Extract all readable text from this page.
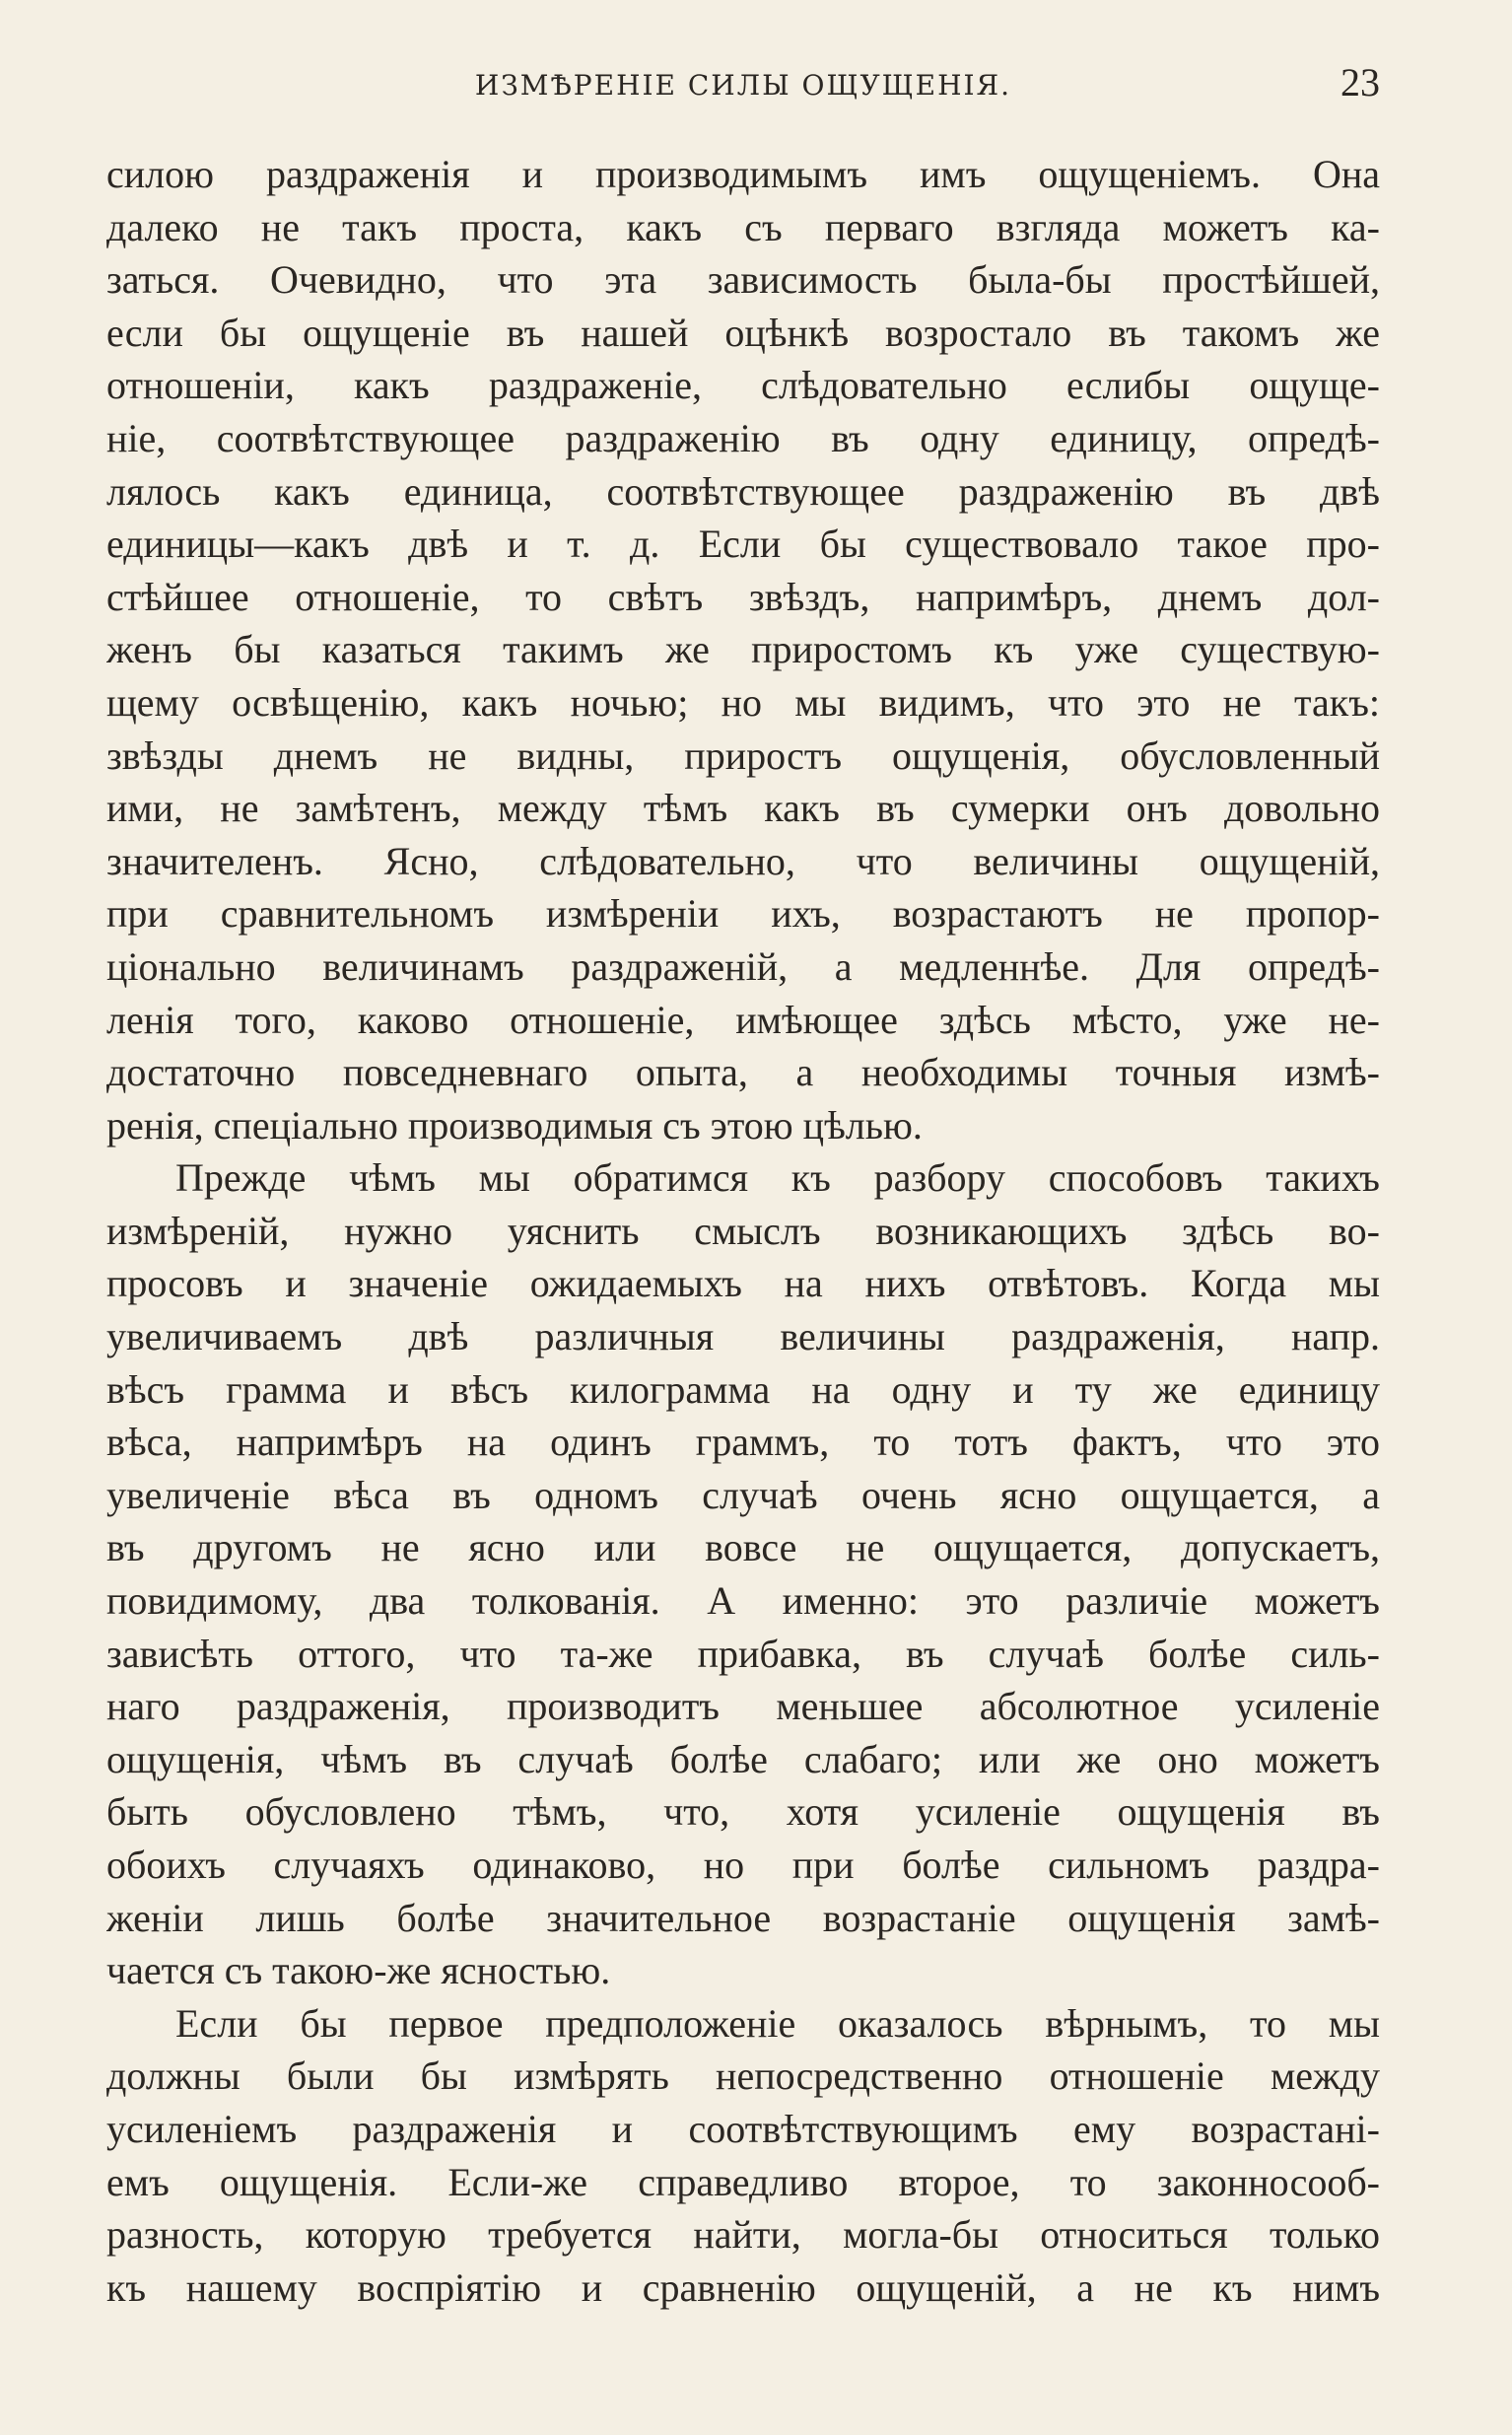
ИЗМѢРЕНІЕ СИЛЫ ОЩУЩЕНІЯ.	23
силою раздраженія и производимымъ имъ ощущеніемъ. Она
далеко не такъ проста, какъ съ перваго взгляда можетъ ка-
заться. Очевидно, что эта зависимость была-бы простѣйшей,
если бы ощущеніе въ нашей оцѣнкѣ возростало въ такомъ же
отношеніи, какъ раздраженіе, слѣдовательно еслибы ощуще-
ніе, соотвѣтствующее раздраженію въ одну единицу, опредѣ-
лялось какъ единица, соотвѣтствующее раздраженію въ двѣ
единицы—какъ двѣ и т. д. Если бы существовало такое про-
стѣйшее отношеніе, то свѣтъ звѣздъ, напримѣръ, днемъ дол-
женъ бы казаться такимъ же приростомъ къ уже существую-
щему освѣщенію, какъ ночью; но мы видимъ, что это не такъ:
звѣзды днемъ не видны, приростъ ощущенія, обусловленный
ими, не замѣтенъ, между тѣмъ какъ въ сумерки онъ довольно
значителенъ. Ясно, слѣдовательно, что величины ощущеній,
при сравнительномъ измѣреніи ихъ, возрастаютъ не пропор-
ціонально величинамъ раздраженій, а медленнѣе. Для опредѣ-
ленія того, каково отношеніе, имѣющее здѣсь мѣсто, уже не-
достаточно повседневнаго опыта, а необходимы точныя измѣ-
ренія, спеціально производимыя съ этою цѣлью.
Прежде чѣмъ мы обратимся къ разбору способовъ такихъ
измѣреній, нужно уяснить смыслъ возникающихъ здѣсь во-
просовъ и значеніе ожидаемыхъ на нихъ отвѣтовъ. Когда мы
увеличиваемъ двѣ различныя величины раздраженія, напр.
вѣсъ грамма и вѣсъ килограмма на одну и ту же единицу
вѣса, напримѣръ на одинъ граммъ, то тотъ фактъ, что это
увеличеніе вѣса въ одномъ случаѣ очень ясно ощущается, а
въ другомъ не ясно или вовсе не ощущается, допускаетъ,
повидимому, два толкованія. А именно: это различіе можетъ
зависѣть оттого, что та-же прибавка, въ случаѣ болѣе силь-
наго раздраженія, производитъ меньшее абсолютное усиленіе
ощущенія, чѣмъ въ случаѣ болѣе слабаго; или же оно можетъ
быть обусловлено тѣмъ, что, хотя усиленіе ощущенія въ
обоихъ случаяхъ одинаково, но при болѣе сильномъ раздра-
женіи лишь болѣе значительное возрастаніе ощущенія замѣ-
чается съ такою-же ясностью.
Если бы первое предположеніе оказалось вѣрнымъ, то мы
должны были бы измѣрять непосредственно отношеніе между
усиленіемъ раздраженія и соотвѣтствующимъ ему возрастані-
емъ ощущенія. Если-же справедливо второе, то законносооб-
разность, которую требуется найти, могла-бы относиться только
къ нашему воспріятію и сравненію ощущеній, а не къ нимъ
